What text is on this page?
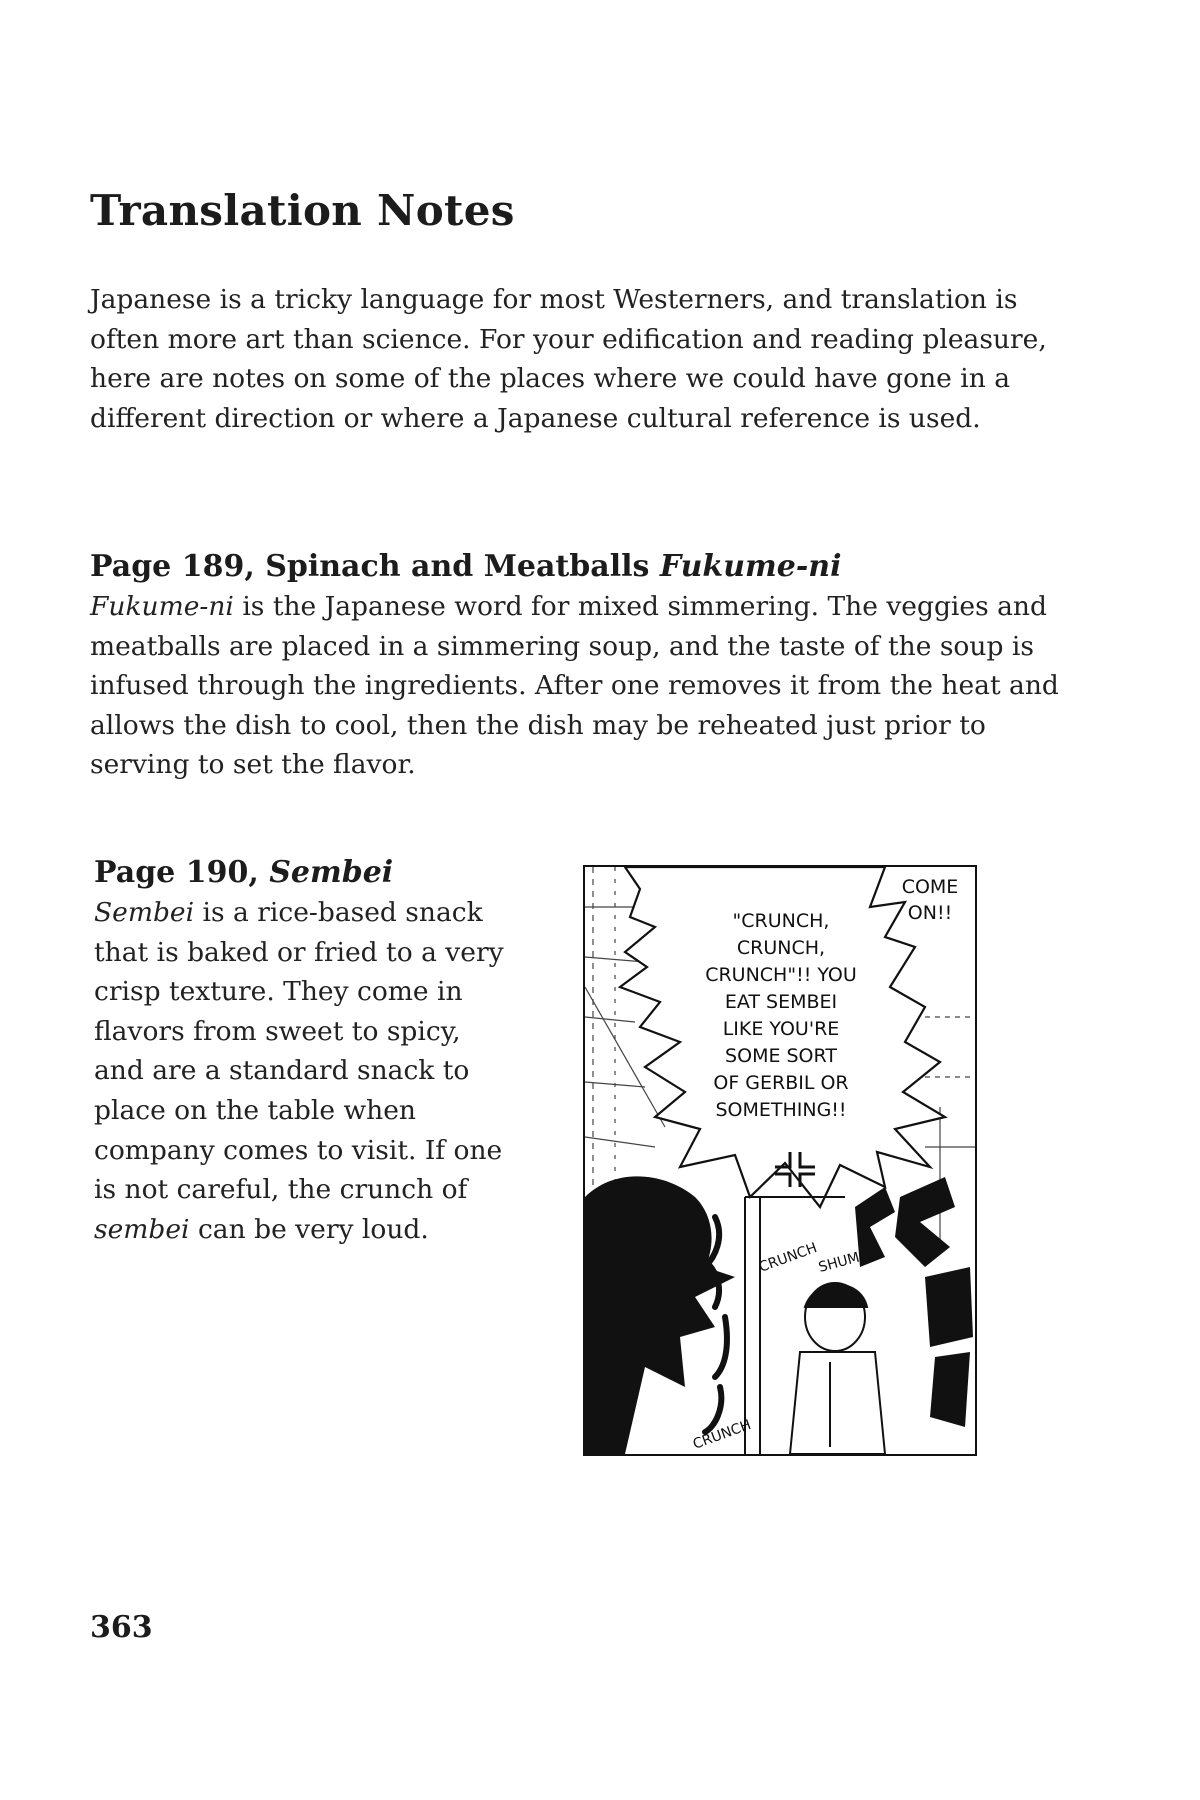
Translation Notes

Japanese is a tricky language for most Westerners, and translation is often more art than science. For your edification and reading pleasure, here are notes on some of the places where we could have gone in a different direction or where a Japanese cultural reference is used.

Page 189, Spinach and Meatballs Fukume-ni

Fukume-ni is the Japanese word for mixed simmering. The veggies and meatballs are placed in a simmering soup, and the taste of the soup is infused through the ingredients. After one removes it from the heat and allows the dish to cool, then the dish may be reheated just prior to serving to set the flavor.

Page 190, Sembei

Sembei is a rice-based snack that is baked or fried to a very crisp texture. They come in flavors from sweet to spicy, and are a standard snack to place on the table when company comes to visit. If one is not careful, the crunch of sembei can be very loud.

"CRUNCH,
CRUNCH,
CRUNCH"!! YOU
EAT SEMBEI
LIKE YOU'RE
SOME SORT
OF GERBIL OR
SOMETHING!!
COME
ON!!
CRUNCH
SHUMP
CRUNCH

363
